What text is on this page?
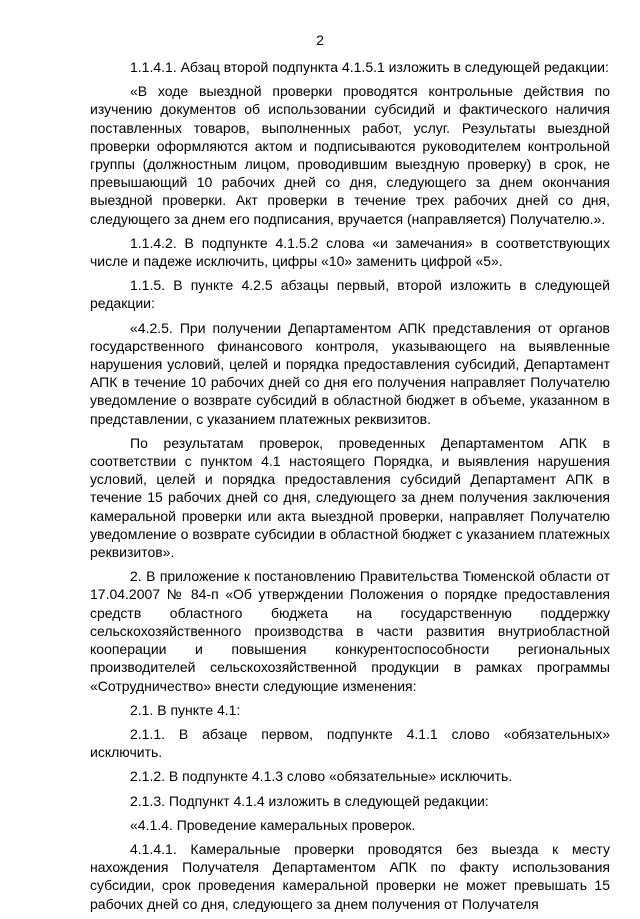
2

1.1.4.1. Абзац второй подпункта 4.1.5.1 изложить в следующей редакции:

«В ходе выездной проверки проводятся контрольные действия по изучению документов об использовании субсидий и фактического наличия поставленных товаров, выполненных работ, услуг. Результаты выездной проверки оформляются актом и подписываются руководителем контрольной группы (должностным лицом, проводившим выездную проверку) в срок, не превышающий 10 рабочих дней со дня, следующего за днем окончания выездной проверки. Акт проверки в течение трех рабочих дней со дня, следующего за днем его подписания, вручается (направляется) Получателю.».

1.1.4.2. В подпункте 4.1.5.2 слова «и замечания» в соответствующих числе и падеже исключить, цифры «10» заменить цифрой «5».

1.1.5. В пункте 4.2.5 абзацы первый, второй изложить в следующей редакции:

«4.2.5. При получении Департаментом АПК представления от органов государственного финансового контроля, указывающего на выявленные нарушения условий, целей и порядка предоставления субсидий, Департамент АПК в течение 10 рабочих дней со дня его получения направляет Получателю уведомление о возврате субсидий в областной бюджет в объеме, указанном в представлении, с указанием платежных реквизитов.

По результатам проверок, проведенных Департаментом АПК в соответствии с пунктом 4.1 настоящего Порядка, и выявления нарушения условий, целей и порядка предоставления субсидий Департамент АПК в течение 15 рабочих дней со дня, следующего за днем получения заключения камеральной проверки или акта выездной проверки, направляет Получателю уведомление о возврате субсидии в областной бюджет с указанием платежных реквизитов».

2. В приложение к постановлению Правительства Тюменской области от 17.04.2007 № 84-п «Об утверждении Положения о порядке предоставления средств областного бюджета на государственную поддержку сельскохозяйственного производства в части развития внутриобластной кооперации и повышения конкурентоспособности региональных производителей сельскохозяйственной продукции в рамках программы «Сотрудничество» внести следующие изменения:

2.1. В пункте 4.1:

2.1.1. В абзаце первом, подпункте 4.1.1 слово «обязательных» исключить.

2.1.2. В подпункте 4.1.3 слово «обязательные» исключить.

2.1.3. Подпункт 4.1.4 изложить в следующей редакции:

«4.1.4. Проведение камеральных проверок.

4.1.4.1. Камеральные проверки проводятся без выезда к месту нахождения Получателя Департаментом АПК по факту использования субсидии, срок проведения камеральной проверки не может превышать 15 рабочих дней со дня, следующего за днем получения от Получателя
